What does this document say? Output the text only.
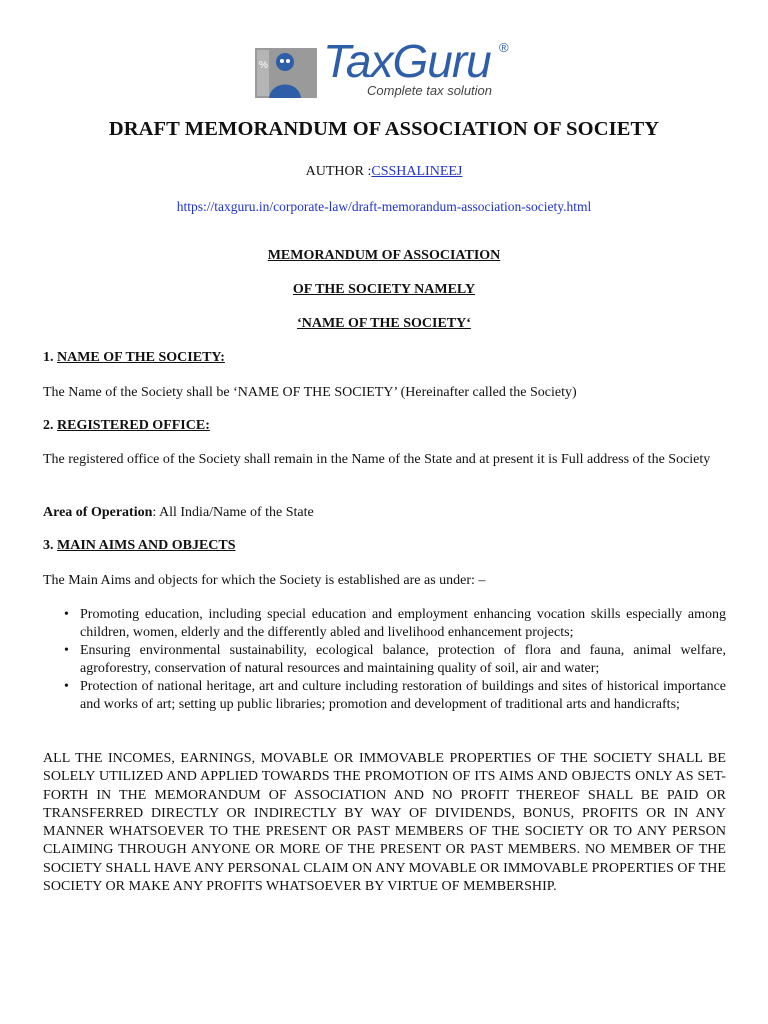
% TaxGuru ®
Complete tax solution
DRAFT MEMORANDUM OF ASSOCIATION OF SOCIETY
AUTHOR :CSSHALINEEJ
https://taxguru.in/corporate-law/draft-memorandum-association-society.html
MEMORANDUM OF ASSOCIATION
OF THE SOCIETY NAMELY
‘NAME OF THE SOCIETY‘
1. NAME OF THE SOCIETY:
The Name of the Society shall be ‘NAME OF THE SOCIETY’ (Hereinafter called the Society)
2. REGISTERED OFFICE:
The registered office of the Society shall remain in the Name of the State and at present it is Full address of the Society
Area of Operation: All India/Name of the State
3. MAIN AIMS AND OBJECTS
The Main Aims and objects for which the Society is established are as under: –
• Promoting education, including special education and employment enhancing vocation skills especially among children, women, elderly and the differently abled and livelihood enhancement projects;
• Ensuring environmental sustainability, ecological balance, protection of flora and fauna, animal welfare, agroforestry, conservation of natural resources and maintaining quality of soil, air and water;
• Protection of national heritage, art and culture including restoration of buildings and sites of historical importance and works of art; setting up public libraries; promotion and development of traditional arts and handicrafts;
ALL THE INCOMES, EARNINGS, MOVABLE OR IMMOVABLE PROPERTIES OF THE SOCIETY SHALL BE SOLELY UTILIZED AND APPLIED TOWARDS THE PROMOTION OF ITS AIMS AND OBJECTS ONLY AS SET-FORTH IN THE MEMORANDUM OF ASSOCIATION AND NO PROFIT THEREOF SHALL BE PAID OR TRANSFERRED DIRECTLY OR INDIRECTLY BY WAY OF DIVIDENDS, BONUS, PROFITS OR IN ANY MANNER WHATSOEVER TO THE PRESENT OR PAST MEMBERS OF THE SOCIETY OR TO ANY PERSON CLAIMING THROUGH ANYONE OR MORE OF THE PRESENT OR PAST MEMBERS. NO MEMBER OF THE SOCIETY SHALL HAVE ANY PERSONAL CLAIM ON ANY MOVABLE OR IMMOVABLE PROPERTIES OF THE SOCIETY OR MAKE ANY PROFITS WHATSOEVER BY VIRTUE OF MEMBERSHIP.
